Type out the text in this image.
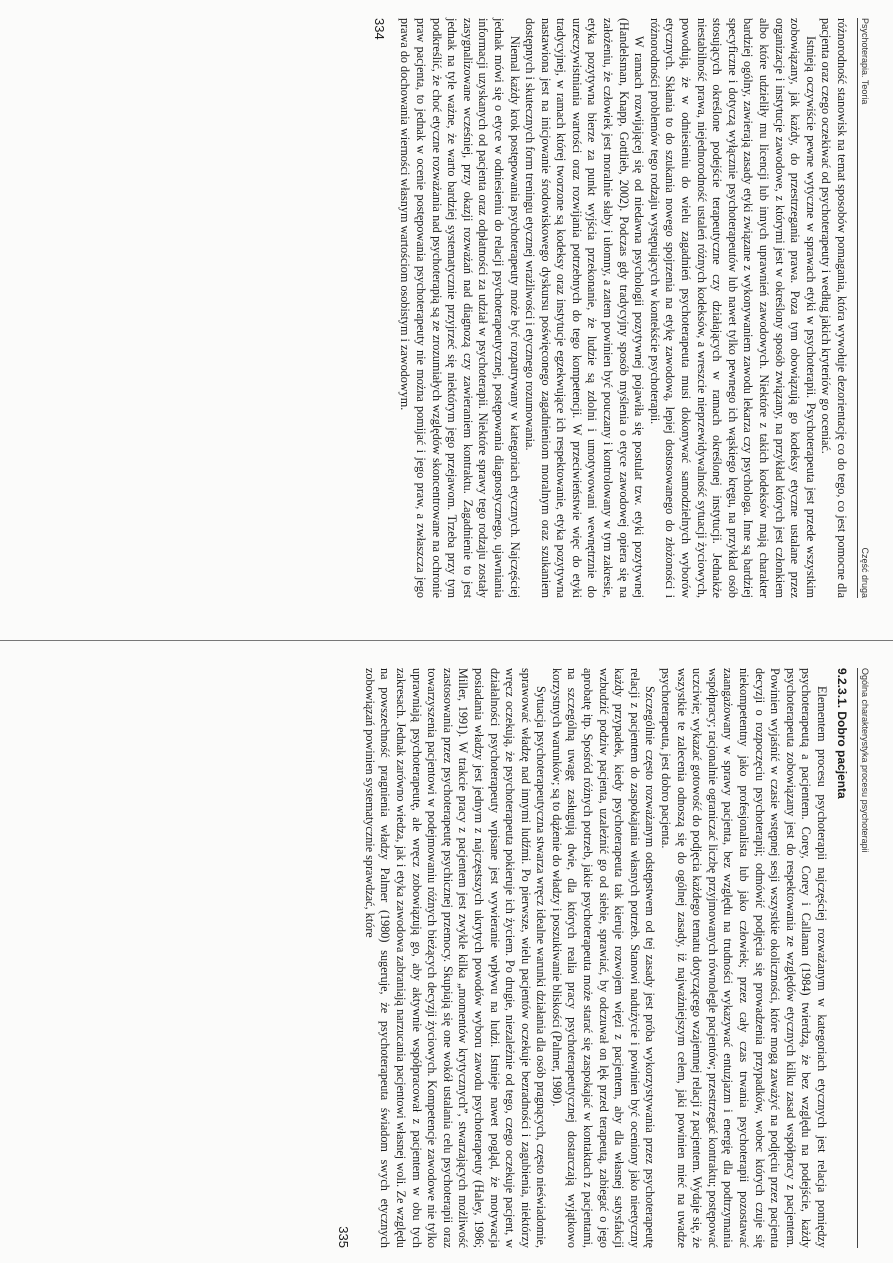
Psychoterapia. Teoria
Część druga

różnorodność stanowisk na temat sposobów pomagania, która wywołuje dezorientację co do tego, co jest pomocne dla pacjenta oraz czego oczekiwać od psychoterapeuty i według jakich kryteriów go oceniać.

Istnieją oczywiście pewne wytyczne w sprawach etyki w psychoterapii. Psychoterapeuta jest przede wszystkim zobowiązany, jak każdy, do przestrzegania prawa. Poza tym obowiązują go kodeksy etyczne ustalane przez organizacje i instytucje zawodowe, z którymi jest w określony sposób związany, na przykład których jest członkiem albo które udzieliły mu licencji lub innych uprawnień zawodowych. Niektóre z takich kodeksów mają charakter bardziej ogólny, zawierają zasady etyki związane z wykonywaniem zawodu lekarza czy psychologa. Inne są bardziej specyficzne i dotyczą wyłącznie psychoterapeutów lub nawet tylko pewnego ich wąskiego kręgu, na przykład osób stosujących określone podejście terapeutyczne czy działających w ramach określonej instytucji. Jednakże niestabilność prawa, niejednorodność ustaleń różnych kodeksów, a wreszcie nieprzewidywalność sytuacji życiowych, powodują, że w odniesieniu do wielu zagadnień psychoterapeuta musi dokonywać samodzielnych wyborów etycznych. Skłania to do szukania nowego spojrzenia na etykę zawodową, lepiej dostosowanego do złożoności i różnorodności problemów tego rodzaju występujących w kontekście psychoterapii.

W ramach rozwijającej się od niedawna psychologii pozytywnej pojawiła się postulat tzw. etyki pozytywnej (Handelsman, Knapp, Gottlieb, 2002). Podczas gdy tradycyjny sposób myślenia o etyce zawodowej opiera się na założeniu, że człowiek jest moralnie słaby i ułomny, a zatem powinien być pouczany i kontrolowany w tym zakresie, etyka pozytywna bierze za punkt wyjścia przekonanie, że ludzie są zdolni i umotywowani wewnętrznie do urzeczywistniania wartości oraz rozwijania potrzebnych do tego kompetencji. W przeciwieństwie więc do etyki tradycyjnej, w ramach której tworzone są kodeksy oraz instytucje egzekwujące ich respektowanie, etyka pozytywna nastawiona jest na inicjowanie środowiskowego dyskursu poświęconego zagadnieniom moralnym oraz szukaniem dostępnych i skutecznych form treningu etycznej wrażliwości i etycznego rozumowania.

Niemal każdy krok postępowania psychoterapeuty może być rozpatrywany w kategoriach etycznych. Najczęściej jednak mówi się o etyce w odniesieniu do relacji psychoterapeutycznej, postępowania diagnostycznego, ujawniania informacji uzyskanych od pacjenta oraz odpłatności za udział w psychoterapii. Niektóre sprawy tego rodzaju zostały zasygnalizowane wcześniej, przy okazji rozważań nad diagnozą czy zawieraniem kontraktu. Zagadnienie to jest jednak na tyle ważne, że warto bardziej systematycznie przyjrzeć się niektórym jego przejawom. Trzeba przy tym podkreślić, że choć etyczne rozważania nad psychoterapią są ze zrozumiałych względów skoncentrowane na ochronie praw pacjenta, to jednak w ocenie postępowania psychoterapeuty nie można pomijać i jego praw, a zwłaszcza jego prawa do dochowania wierności własnym wartościom osobistym i zawodowym.

334
Ogólna charakterystyka procesu psychoterapii
9.2.3.1. Dobro pacjenta

Elementem procesu psychoterapii najczęściej rozważanym w kategoriach etycznych jest relacja pomiędzy psychoterapeutą a pacjentem. Corey, Corey i Callanan (1984) twierdzą, że bez względu na podejście, każdy psychoterapeuta zobowiązany jest do respektowania ze względów etycznych kilku zasad współpracy z pacjentem. Powinien wyjaśnić w czasie wstępnej sesji wszystkie okoliczności, które mogą zaważyć na podjęciu przez pacjenta decyzji o rozpoczęciu psychoterapii; odmówić podjęcia się prowadzenia przypadków, wobec których czuje się niekompetentny jako profesjonalista lub jako człowiek; przez cały czas trwania psychoterapii pozostawać zaangażowany w sprawy pacjenta, bez względu na trudności wykazywać entuzjazm i energię dla podtrzymania współpracy; racjonalnie ograniczać liczbę przyjmowanych równolegle pacjentów; przestrzegać kontraktu; postępować uczciwie; wykazać gotowość do podjęcia każdego tematu dotyczącego wzajemnej relacji z pacjentem. Wydaje się, że wszystkie te zalecenia odnoszą się do ogólnej zasady, iż najważniejszym celem, jaki powinien mieć na uwadze psychoterapeuta, jest dobro pacjenta.

Szczególnie często rozważanym odstępstwem od tej zasady jest próba wykorzystywania przez psychoterapeutę relacji z pacjentem do zaspokajania własnych potrzeb. Stanowi nadużycie i powinien być oceniony jako nieetyczny każdy przypadek, kiedy psychoterapeuta tak kieruje rozwojem więzi z pacjentem, aby dla własnej satysfakcji wzbudzić podziw pacjenta, uzależnić go od siebie, sprawiać, by odczuwał on lęk przed terapeutą, zabiegać o jego aprobatę itp. Spośród różnych potrzeb, jakie psychoterapeuta może starać się zaspokajać w kontaktach z pacjentami, na szczególną uwagę zasługują dwie, dla których realia pracy psychoterapeutycznej dostarczają wyjątkowo korzystnych warunków; są to dążenie do władzy i poszukiwanie bliskości (Palmer, 1980).

Sytuacja psychoterapeutyczna stwarza wręcz idealne warunki działania dla osób pragnących, często nieświadomie, sprawować władzę nad innymi ludźmi. Po pierwsze, wielu pacjentów oczekuje bezradności i zagubienia, niektórzy wręcz oczekują, że psychoterapeuta pokieruje ich życiem. Po drugie, niezależnie od tego, czego oczekuje pacjent, w działalności psychoterapeuty wpisane jest wywieranie wpływu na ludzi. Istnieje nawet pogląd, że motywacja posiadania władzy jest jednym z najczęstszych ukrytych powodów wyboru zawodu psychoterapeuty (Haley, 1986; Miller, 1991). W trakcie pracy z pacjentem jest zwykle kilka „momentów krytycznych”, stwarzających możliwość zastosowania przez psychoterapeutę psychicznej przemocy. Skupiają się one wokół ustalania celu psychoterapii oraz towarzyszenia pacjentowi w podejmowaniu różnych bieżących decyzji życiowych. Kompetencje zawodowe nie tylko uprawniają psychoterapeutę, ale wręcz zobowiązują go, aby aktywnie współpracował z pacjentem w obu tych zakresach. Jednak zarówno wiedza, jak i etyka zawodowa zabraniają narzucania pacjentowi własnej woli. Ze względu na powszechność pragnienia władzy Palmer (1980) sugeruje, że psychoterapeuta świadom swych etycznych zobowiązań powinien systematycznie sprawdzać, które

335
